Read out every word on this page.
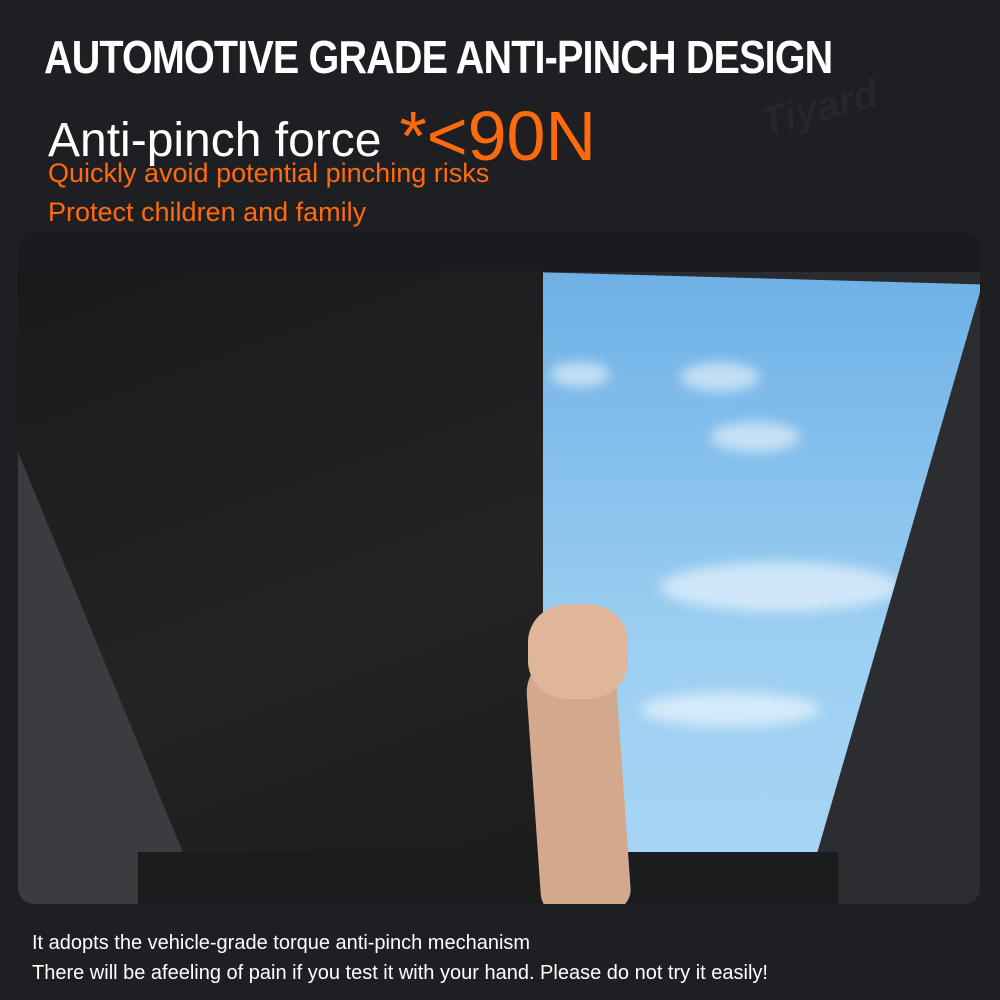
AUTOMOTIVE GRADE ANTI-PINCH DESIGN
Tiyard
Anti-pinch force *<90N
Quickly avoid potential pinching risks
Protect children and family
It adopts the vehicle-grade torque anti-pinch mechanism
There will be afeeling of pain if you test it with your hand. Please do not try it easily!
